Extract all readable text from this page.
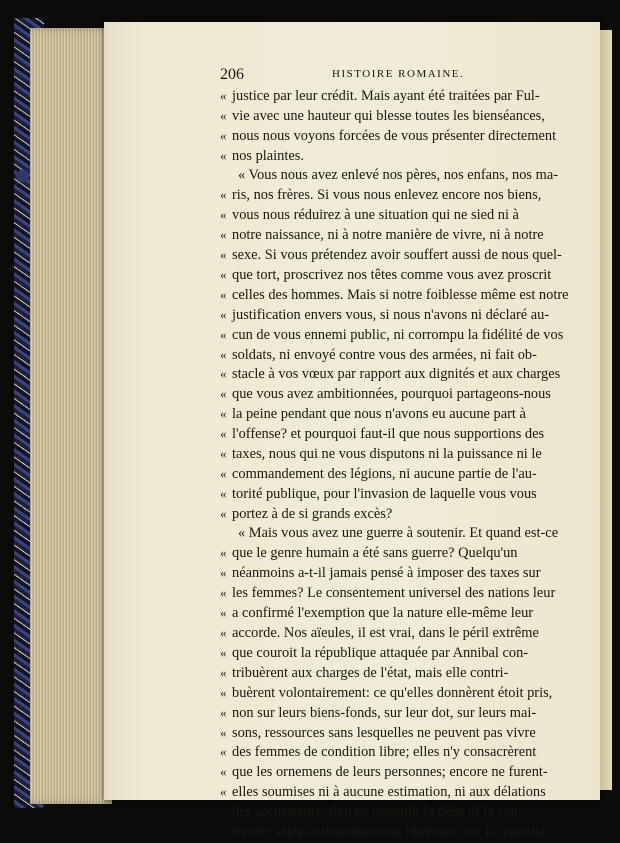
206	HISTOIRE ROMAINE.
« justice par leur crédit. Mais ayant été traitées par Ful-
« vie avec une hauteur qui blesse toutes les bienséances,
« nous nous voyons forcées de vous présenter directement
« nos plaintes.
« Vous nous avez enlevé nos pères, nos enfans, nos ma-
« ris, nos frères. Si vous nous enlevez encore nos biens,
« vous nous réduirez à une situation qui ne sied ni à
« notre naissance, ni à notre manière de vivre, ni à notre
« sexe. Si vous prétendez avoir souffert aussi de nous quel-
« que tort, proscrivez nos têtes comme vous avez proscrit
« celles des hommes. Mais si notre foiblesse même est notre
« justification envers vous, si nous n'avons ni déclaré au-
« cun de vous ennemi public, ni corrompu la fidélité de vos
« soldats, ni envoyé contre vous des armées, ni fait ob-
« stacle à vos vœux par rapport aux dignités et aux charges
« que vous avez ambitionnées, pourquoi partageons-nous
« la peine pendant que nous n'avons eu aucune part à
« l'offense? et pourquoi faut-il que nous supportions des
« taxes, nous qui ne vous disputons ni la puissance ni le
« commandement des légions, ni aucune partie de l'au-
« torité publique, pour l'invasion de laquelle vous vous
« portez à de si grands excès?
« Mais vous avez une guerre à soutenir. Et quand est-ce
« que le genre humain a été sans guerre? Quelqu'un
« néanmoins a-t-il jamais pensé à imposer des taxes sur
« les femmes? Le consentement universel des nations leur
« a confirmé l'exemption que la nature elle-même leur
« accorde. Nos aïeules, il est vrai, dans le péril extrême
« que couroit la république attaquée par Annibal con-
« tribuèrent aux charges de l'état, mais elle contri-
« buèrent volontairement: ce qu'elles donnèrent étoit pris,
« non sur leurs biens-fonds, sur leur dot, sur leurs mai-
« sons, ressources sans lesquelles ne peuvent pas vivre
« des femmes de condition libre; elles n'y consacrèrent
« que les ornemens de leurs personnes; encore ne furent-
« elles soumises ni à aucune estimation, ni aux délations
« des accusateurs: rien ne ressentit la gêne ni la con-
« trainte; elles se déterminèrent librement sur la quantité
